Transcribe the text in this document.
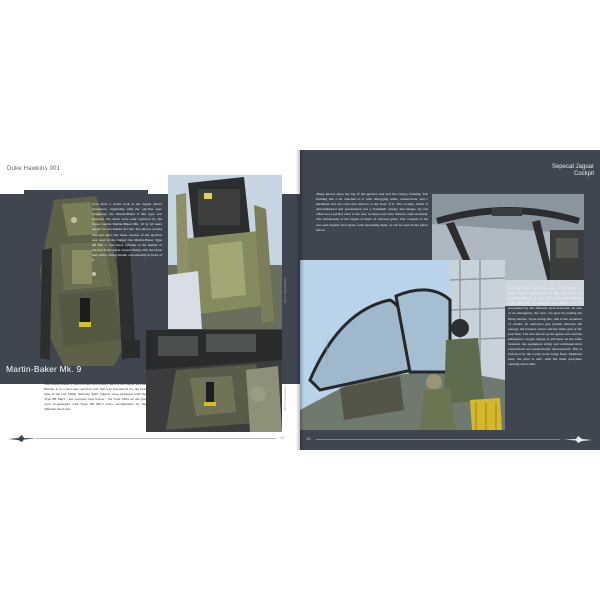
Duke Hawkins 001
Let's have a closer look at the Jaguar pilot's workplace, beginning with the ejection seat. Originally, the Martin-Baker 9 Mk type was selected, but these were later replaced by the more capable Martin-Baker Mk. 10 by all users except for the Armée de l'Air. The photos around this text show the latest version of the ejection seat used in the Jaguar: the Martin-Baker Type 9B Mk. 2. The black cylinder in the middle of the seat is the quick release fitting with the black and yellow firing handle conveniently in front of it.
Photo: Duke Hawkins
Martin-Baker Mk. 9
Photo: Duke Hawkins
The Martin-Baker 9 ejection seat was mainly used in the Jaguar and the Harrier. It is a zero-zero ejection seat that was introduced for the first time in the late 1960s. Initially, RAF Jaguars were equipped with the Type 9B Mk.2 - see opposite page below - but from 1984 on, the jets were re-equipped with Type 9B Mk.3 seats, recognizable by the different head-rest.
12
Sepecat Jaguar
Cockpit
These photos show the top of the ejection seat and the canopy framing. The framing has a lot attached to it with defogging tubes, connections, and a handhold and two rear-view mirrors at the front of it. The cockpit, which is airconditioned and pressurized, has a clamshell canopy that hinges aft, but offers not a perfect view to the rear, so these rear-view mirrors come in handy. The windscreen of the Jaguar is made of armored glass. The cockpits of the two-seat Jaguars have glass, wall separating them, as can be seen in the photo below.
Photo: Indian Air Force
Left, this photo shows the view of an Indian Air Force Jaguar getting out of the office after a training mission. It also shows the Martin-Baker Type 9B Mk. 2 ejection seat which can be recognized by the different style head-rest. In case of an emergency, the crew can eject by pulling the firing handle. Upon doing this, this is the sequence of events: an explosive gas system jettisons the canopy, the harness retract and the main gun of the seat fires. The seat moves up the guide rails and the emergency oxygen supply is activated. At the same moment, the equipment string and communication connections are automatically disconnected. This is followed by the rocket pack being fired. Moments later, the pilot is safe, with his main parachute opening above him.
13
